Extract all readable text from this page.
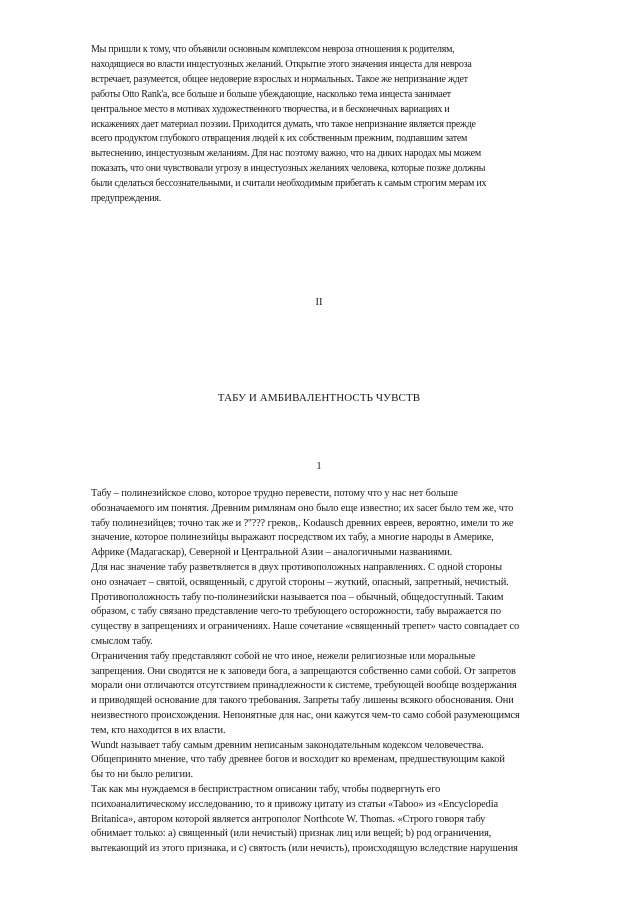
Мы пришли к тому, что объявили основным комплексом невроза отношения к родителям,
находящиеся во власти инцестуозных желаний. Открытие этого значения инцеста для невроза
встречает, разумеется, общее недоверие взрослых и нормальных. Такое же непризнание ждет
работы Otto Rank'a, все больше и больше убеждающие, насколько тема инцеста занимает
центральное место в мотивах художественного творчества, и в бесконечных вариациях и
искажениях дает материал поэзии. Приходится думать, что такое непризнание является прежде
всего продуктом глубокого отвращения людей к их собственным прежним, подпавшим затем
вытеснению, инцестуозным желаниям. Для нас поэтому важно, что на диких народах мы можем
показать, что они чувствовали угрозу в инцестуозных желаниях человека, которые позже должны
были сделаться бессознательными, и считали необходимым прибегать к самым строгим мерам их
предупреждения.
II
ТАБУ И АМБИВАЛЕНТНОСТЬ ЧУВСТВ
1
Табу – полинезийское слово, которое трудно перевести, потому что у нас нет больше
обозначаемого им понятия. Древним римлянам оно было еще известно; их sacer было тем же, что
табу полинезийцев; точно так же и ?''??? греков,. Kodausch древних евреев, вероятно, имели то же
значение, которое полинезийцы выражают посредством их табу, а многие народы в Америке,
Африке (Мадагаскар), Северной и Центральной Азии – аналогичными названиями.
Для нас значение табу разветвляется в двух противоположных направлениях. С одной стороны
оно означает – святой, освященный, с другой стороны – жуткий, опасный, запретный, нечистый.
Противоположность табу по-полинезийски называется поа – обычный, общедоступный. Таким
образом, с табу связано представление чего-то требующего осторожности, табу выражается по
существу в запрещениях и ограничениях. Наше сочетание «священный трепет» часто совпадает со
смыслом табу.
Ограничения табу представляют собой не что иное, нежели религиозные или моральные
запрещения. Они сводятся не к заповеди бога, а запрещаются собственно сами собой. От запретов
морали они отличаются отсутствием принадлежности к системе, требующей вообще воздержания
и приводящей основание для такого требования. Запреты табу лишены всякого обоснования. Они
неизвестного происхождения. Непонятные для нас, они кажутся чем-то само собой разумеющимся
тем, кто находится в их власти.
Wundt называет табу самым древним неписаным законодательным кодексом человечества.
Общепринято мнение, что табу древнее богов и восходит ко временам, предшествующим какой
бы то ни было религии.
Так как мы нуждаемся в беспристрастном описании табу, чтобы подвергнуть его
психоаналитическому исследованию, то я привожу цитату из статьи «Taboo» из «Encyclopedia
Britanica», автором которой является антрополог Northcote W. Thomas. «Строго говоря табу
обнимает только: а) священный (или нечистый) признак лиц или вещей; b) род ограничения,
вытекающий из этого признака, и с) святость (или нечисть), происходящую вследствие нарушения
